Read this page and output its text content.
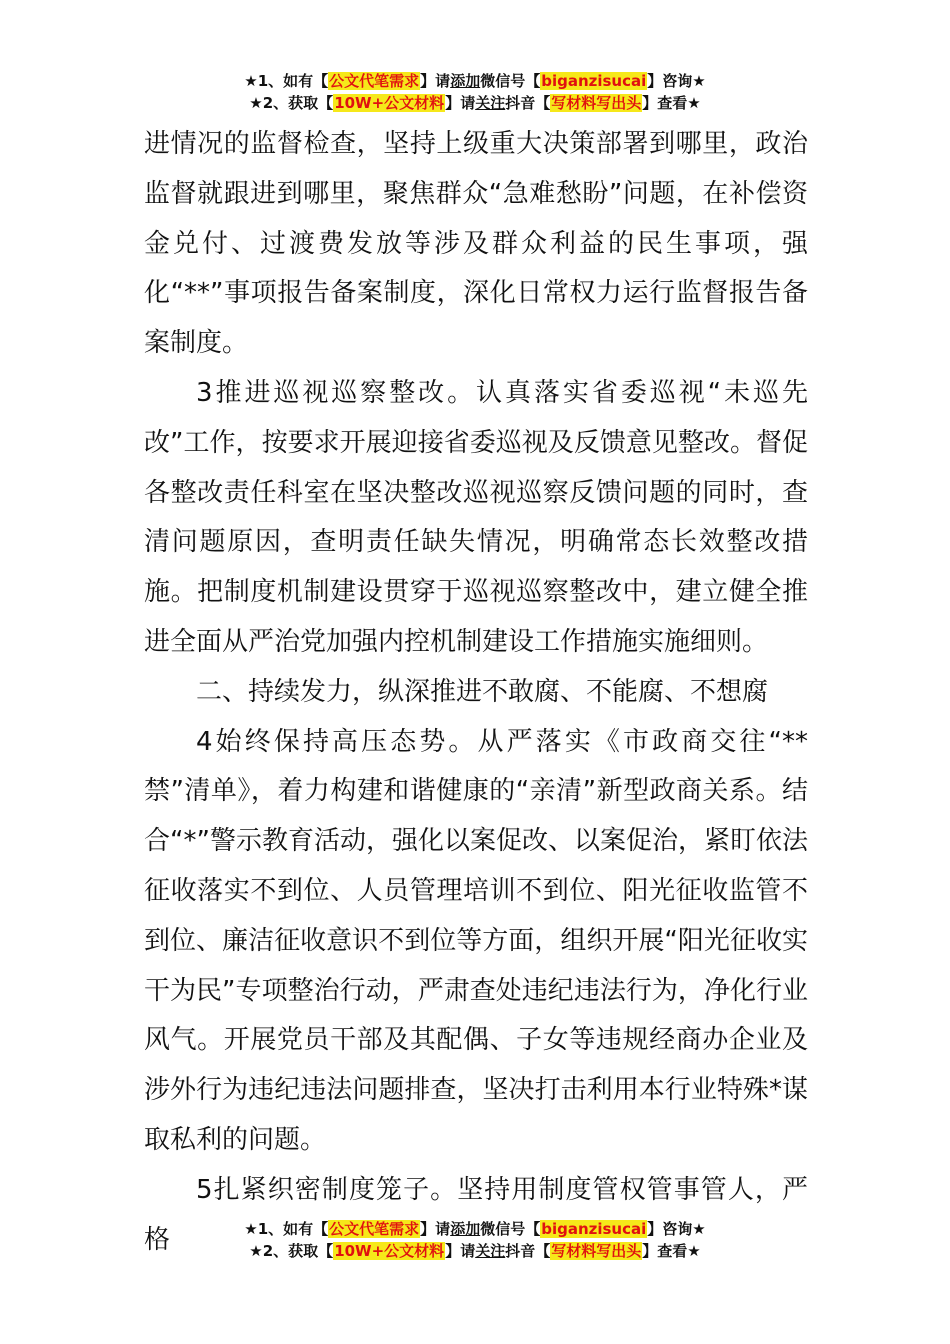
★1、如有【公文代笔需求】请添加微信号【biganzisucai】咨询★
★2、获取【10W+公文材料】请关注抖音【写材料写出头】查看★

进情况的监督检查，坚持上级重大决策部署到哪里，政治监督就跟进到哪里，聚焦群众“急难愁盼”问题，在补偿资金兑付、过渡费发放等涉及群众利益的民生事项，强化“**”事项报告备案制度，深化日常权力运行监督报告备案制度。

3推进巡视巡察整改。认真落实省委巡视“未巡先改”工作，按要求开展迎接省委巡视及反馈意见整改。督促各整改责任科室在坚决整改巡视巡察反馈问题的同时，查清问题原因，查明责任缺失情况，明确常态长效整改措施。把制度机制建设贯穿于巡视巡察整改中，建立健全推进全面从严治党加强内控机制建设工作措施实施细则。

二、持续发力，纵深推进不敢腐、不能腐、不想腐

4始终保持高压态势。从严落实《市政商交往“**禁”清单》，着力构建和谐健康的“亲清”新型政商关系。结合“*”警示教育活动，强化以案促改、以案促治，紧盯依法征收落实不到位、人员管理培训不到位、阳光征收监管不到位、廉洁征收意识不到位等方面，组织开展“阳光征收实干为民”专项整治行动，严肃查处违纪违法行为，净化行业风气。开展党员干部及其配偶、子女等违规经商办企业及涉外行为违纪违法问题排查，坚决打击利用本行业特殊*谋取私利的问题。

5扎紧织密制度笼子。坚持用制度管权管事管人，严格	★1、如有【公文代笔需求】请添加微信号【biganzisucai】咨询★
★2、获取【10W+公文材料】请关注抖音【写材料写出头】查看★
